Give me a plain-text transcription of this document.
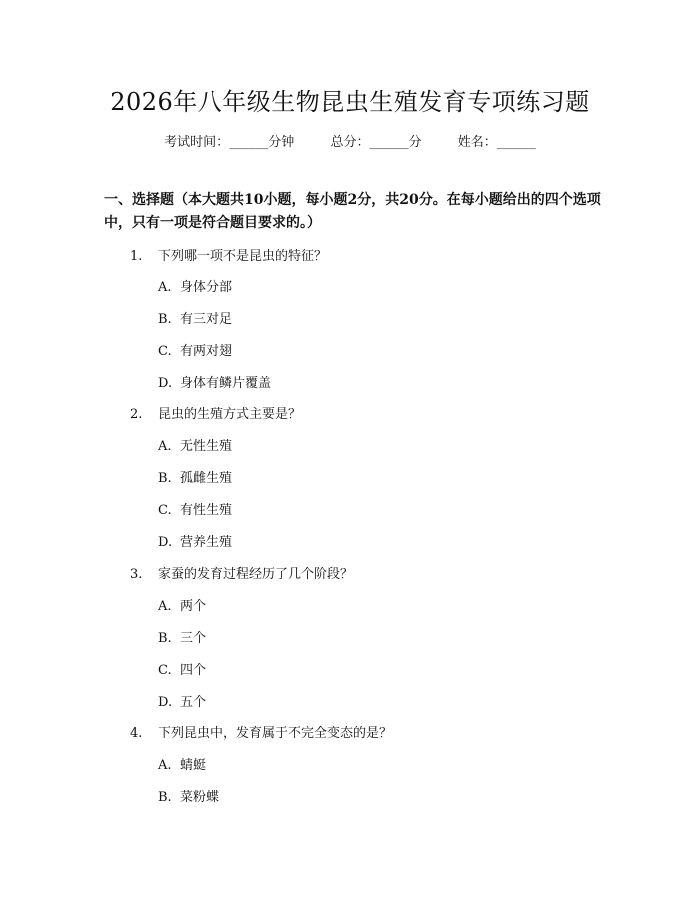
2026年八年级生物昆虫生殖发育专项练习题
考试时间：______分钟	总分：______分	姓名：______
一、选择题（本大题共10小题，每小题2分，共20分。在每小题给出的四个选项中，只有一项是符合题目要求的。）
1. 下列哪一项不是昆虫的特征？
A. 身体分部
B. 有三对足
C. 有两对翅
D. 身体有鳞片覆盖
2. 昆虫的生殖方式主要是？
A. 无性生殖
B. 孤雌生殖
C. 有性生殖
D. 营养生殖
3. 家蚕的发育过程经历了几个阶段？
A. 两个
B. 三个
C. 四个
D. 五个
4. 下列昆虫中，发育属于不完全变态的是？
A. 蜻蜓
B. 菜粉蝶
